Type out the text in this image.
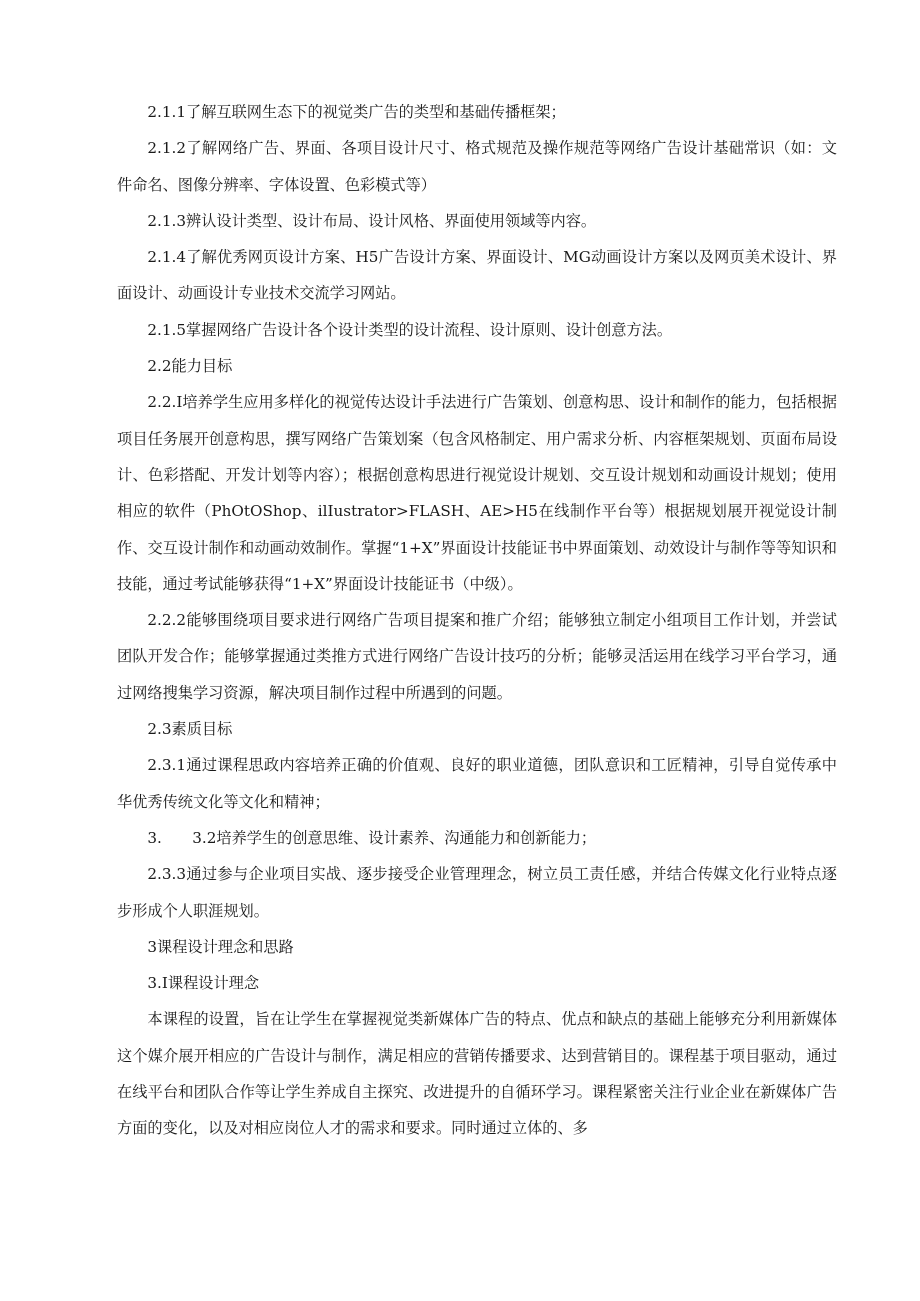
2.1.1了解互联网生态下的视觉类广告的类型和基础传播框架；

2.1.2了解网络广告、界面、各项目设计尺寸、格式规范及操作规范等网络广告设计基础常识（如：文件命名、图像分辨率、字体设置、色彩模式等）

2.1.3辨认设计类型、设计布局、设计风格、界面使用领域等内容。

2.1.4了解优秀网页设计方案、H5广告设计方案、界面设计、MG动画设计方案以及网页美术设计、界面设计、动画设计专业技术交流学习网站。

2.1.5掌握网络广告设计各个设计类型的设计流程、设计原则、设计创意方法。

2.2能力目标

2.2.I培养学生应用多样化的视觉传达设计手法进行广告策划、创意构思、设计和制作的能力，包括根据项目任务展开创意构思，撰写网络广告策划案（包含风格制定、用户需求分析、内容框架规划、页面布局设计、色彩搭配、开发计划等内容）；根据创意构思进行视觉设计规划、交互设计规划和动画设计规划；使用相应的软件（PhOtOShop、ilIustrator>FLASH、AE>H5在线制作平台等）根据规划展开视觉设计制作、交互设计制作和动画动效制作。掌握“1+X”界面设计技能证书中界面策划、动效设计与制作等等知识和技能，通过考试能够获得“1+X”界面设计技能证书（中级）。

2.2.2能够围绕项目要求进行网络广告项目提案和推广介绍；能够独立制定小组项目工作计划，并尝试团队开发合作；能够掌握通过类推方式进行网络广告设计技巧的分析；能够灵活运用在线学习平台学习，通过网络搜集学习资源，解决项目制作过程中所遇到的问题。

2.3素质目标

2.3.1通过课程思政内容培养正确的价值观、良好的职业道德，团队意识和工匠精神，引导自觉传承中华优秀传统文化等文化和精神；

3.　　3.2培养学生的创意思维、设计素养、沟通能力和创新能力；

2.3.3通过参与企业项目实战、逐步接受企业管理理念，树立员工责任感，并结合传媒文化行业特点逐步形成个人职涯规划。

3课程设计理念和思路

3.I课程设计理念

本课程的设置，旨在让学生在掌握视觉类新媒体广告的特点、优点和缺点的基础上能够充分利用新媒体这个媒介展开相应的广告设计与制作，满足相应的营销传播要求、达到营销目的。课程基于项目驱动，通过在线平台和团队合作等让学生养成自主探究、改进提升的自循环学习。课程紧密关注行业企业在新媒体广告方面的变化，以及对相应岗位人才的需求和要求。同时通过立体的、多
